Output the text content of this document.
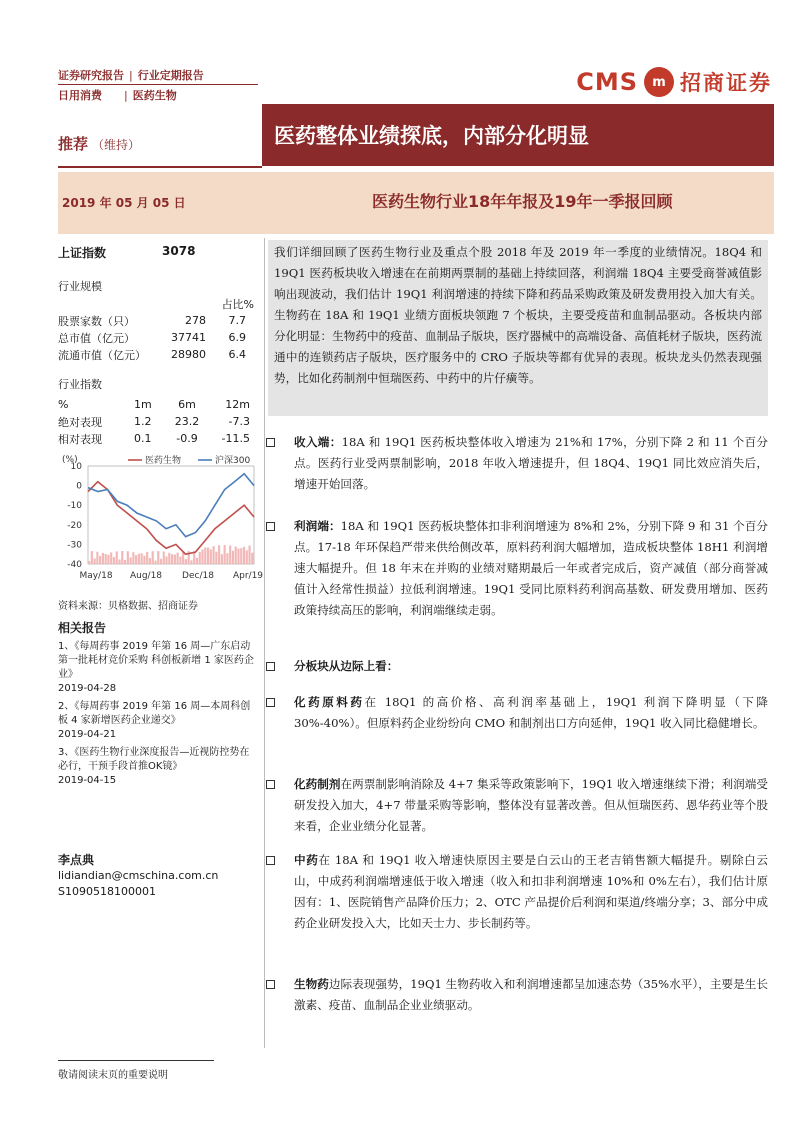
证券研究报告 | 行业定期报告
日用消费 | 医药生物	CMS	m 招商证券
推荐 （维持）	医药整体业绩探底，内部分化明显
2019 年 05 月 05 日	医药生物行业18年年报及19年一季报回顾
上证指数	3078
行业规模
占比%
股票家数（只）	278	7.7
总市值（亿元）	37741	6.9
流通市值（亿元）	28980	6.4
行业指数
%	1m	6m	12m
绝对表现	1.2	23.2	-7.3
相对表现	0.1	-0.9	-11.5
(%)
10
0
-10
-20
-30
-40
医药生物	沪深300
May/18 Aug/18 Dec/18 Apr/19
资料来源：贝格数据、招商证券
相关报告
1、《每周药事 2019 年第 16 周—广东启动第一批耗材竞价采购 科创板新增 1 家医药企业》
2019-04-28
2、《每周药事 2019 年第 16 周—本周科创板 4 家新增医药企业递交》
2019-04-21
3、《医药生物行业深度报告—近视防控势在必行，干预手段首推OK镜》
2019-04-15
李点典
lidiandian@cmschina.com.cn
S1090518100001
敬请阅读末页的重要说明
我们详细回顾了医药生物行业及重点个股 2018 年及 2019 年一季度的业绩情况。18Q4 和 19Q1 医药板块收入增速在在前期两票制的基础上持续回落，利润端 18Q4 主要受商誉减值影响出现波动，我们估计 19Q1 利润增速的持续下降和药品采购政策及研发费用投入加大有关。生物药在 18A 和 19Q1 业绩方面板块领跑 7 个板块，主要受疫苗和血制品驱动。各板块内部分化明显：生物药中的疫苗、血制品子版块，医疗器械中的高端设备、高值耗材子版块，医药流通中的连锁药店子版块，医疗服务中的 CRO 子版块等都有优异的表现。板块龙头仍然表现强势，比如化药制剂中恒瑞医药、中药中的片仔癀等。
收入端：18A 和 19Q1 医药板块整体收入增速为 21%和 17%，分别下降 2 和 11 个百分点。医药行业受两票制影响，2018 年收入增速提升，但 18Q4、19Q1 同比效应消失后，增速开始回落。
利润端：18A 和 19Q1 医药板块整体扣非利润增速为 8%和 2%，分别下降 9 和 31 个百分点。17-18 年环保趋严带来供给侧改革，原料药利润大幅增加，造成板块整体 18H1 利润增速大幅提升。但 18 年末在并购的业绩对赌期最后一年或者完成后，资产减值（部分商誉减值计入经常性损益）拉低利润增速。19Q1 受同比原料药利润高基数、研发费用增加、医药政策持续高压的影响，利润端继续走弱。
分板块从边际上看：
化药原料药在 18Q1 的高价格、高利润率基础上，19Q1 利润下降明显（下降 30%-40%）。但原料药企业纷纷向 CMO 和制剂出口方向延伸，19Q1 收入同比稳健增长。
化药制剂在两票制影响消除及 4+7 集采等政策影响下，19Q1 收入增速继续下滑；利润端受研发投入加大，4+7 带量采购等影响，整体没有显著改善。但从恒瑞医药、恩华药业等个股来看，企业业绩分化显著。
中药在 18A 和 19Q1 收入增速快原因主要是白云山的王老吉销售额大幅提升。剔除白云山，中成药利润端增速低于收入增速（收入和扣非利润增速 10%和 0%左右），我们估计原因有：1、医院销售产品降价压力；2、OTC 产品提价后利润和渠道/终端分享；3、部分中成药企业研发投入大，比如天士力、步长制药等。
生物药边际表现强势，19Q1 生物药收入和利润增速都呈加速态势（35%水平），主要是生长激素、疫苗、血制品企业业绩驱动。
